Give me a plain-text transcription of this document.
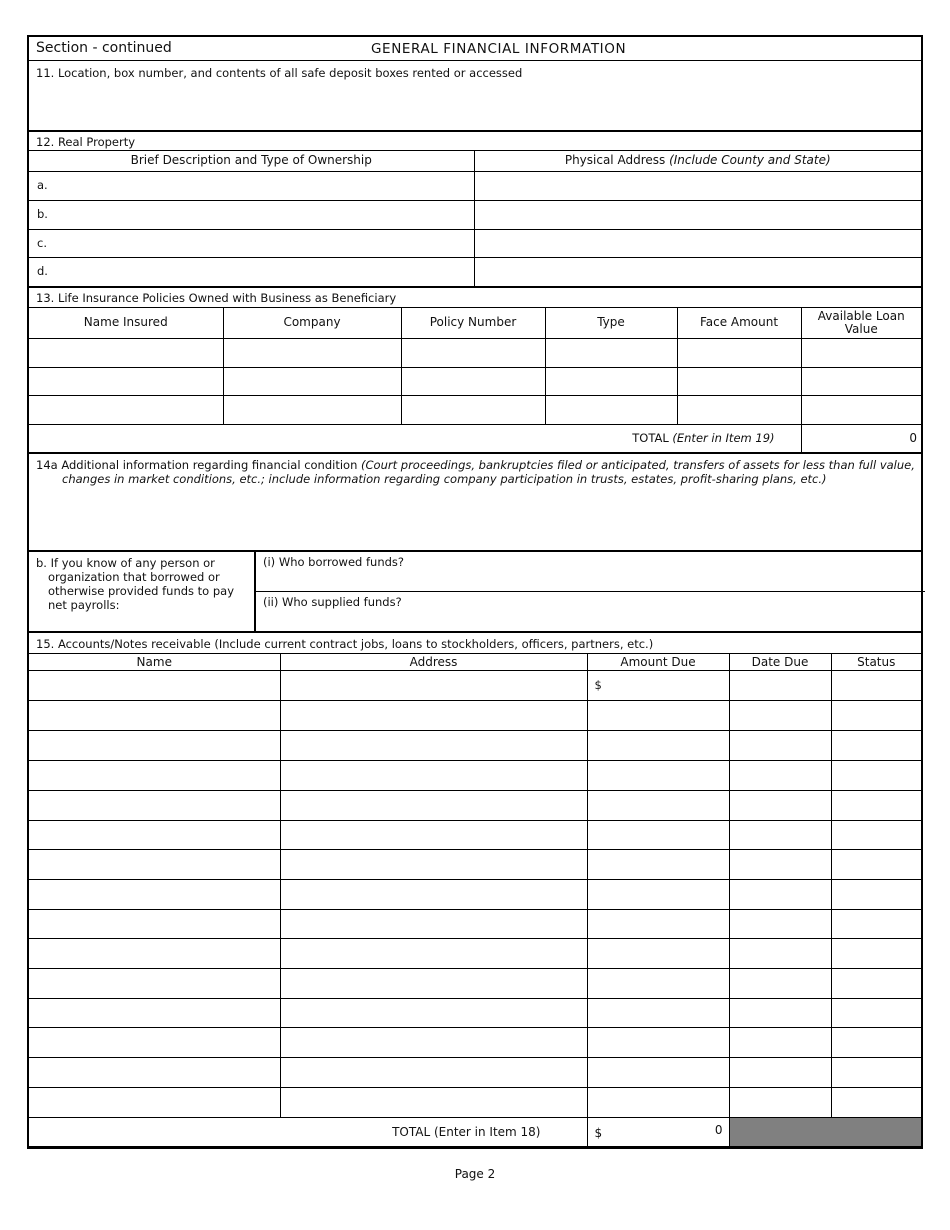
Section - continued	GENERAL FINANCIAL INFORMATION
11. Location, box number, and contents of all safe deposit boxes rented or accessed
12. Real Property
Brief Description and Type of Ownership	Physical Address (Include County and State)

a.

b.

c.

d.

13. Life Insurance Policies Owned with Business as Beneficiary
Name Insured	Company	Policy Number	Type	Face Amount	Available Loan Value

TOTAL (Enter in Item 19)					0
14a Additional information regarding financial condition (Court proceedings, bankruptcies filed or anticipated, transfers of assets for less than full value, changes in market conditions, etc.; include information regarding company participation in trusts, estates, profit-sharing plans, etc.)
b. If you know of any person or organization that borrowed or otherwise provided funds to pay net payrolls:
(i) Who borrowed funds?
(ii) Who supplied funds?
15. Accounts/Notes receivable (Include current contract jobs, loans to stockholders, officers, partners, etc.)
Name	Address	Amount Due	Date Due	Status

$

TOTAL (Enter in Item 18)		$ 0		

Page 2
